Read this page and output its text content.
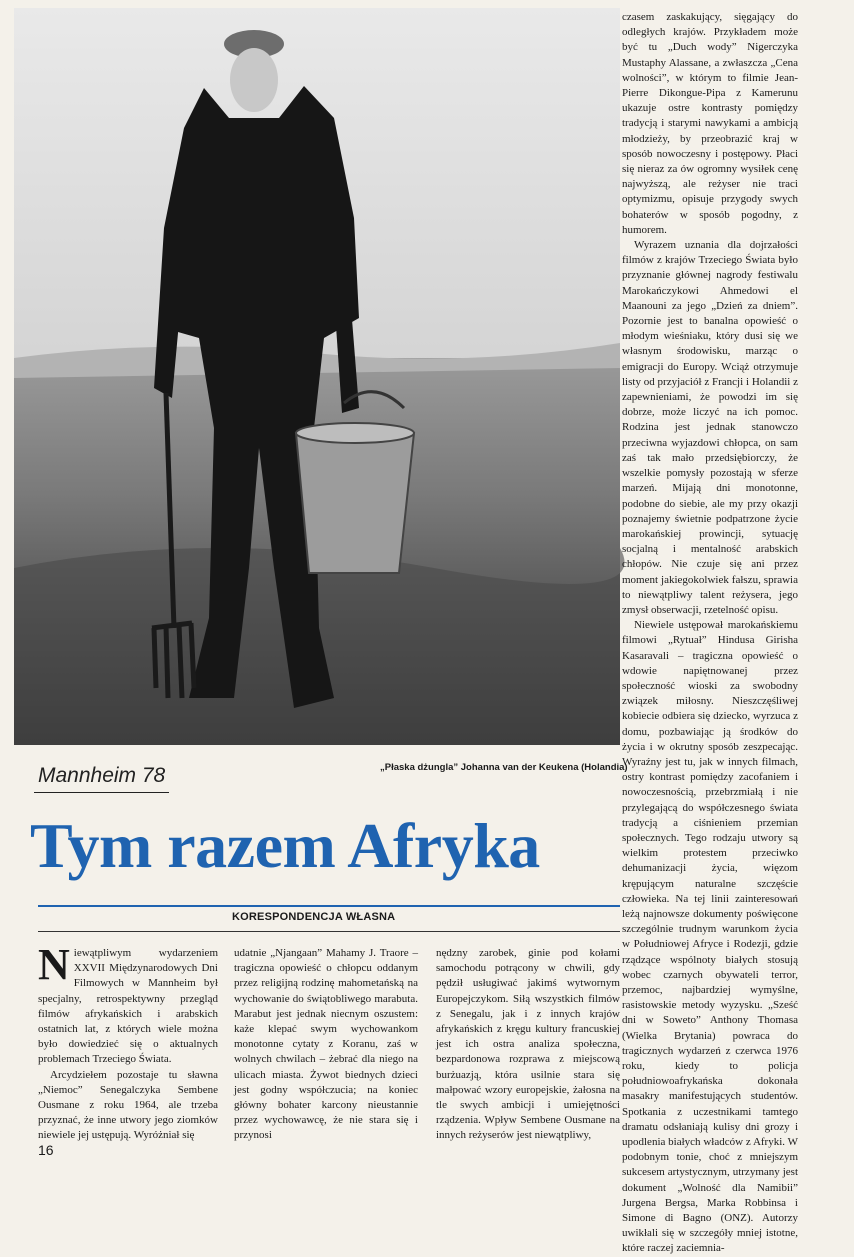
„Płaska dżungla” Johanna van der Keukena (Holandia)
Mannheim 78
Tym razem Afryka
KORESPONDENCJA WŁASNA

Niewątpliwym wydarzeniem XXVII Międzynarodowych Dni Filmowych w Mannheim był specjalny, retrospektywny przegląd filmów afrykańskich i arabskich ostatnich lat, z których wiele można było dowiedzieć się o aktualnych problemach Trzeciego Świata.

Arcydziełem pozostaje tu sławna „Niemoc” Senegalczyka Sembene Ousmane z roku 1964, ale trzeba przyznać, że inne utwory jego ziomków niewiele jej ustępują. Wyróżniał się

udatnie „Njangaan” Mahamy J. Traore – tragiczna opowieść o chłopcu oddanym przez religijną rodzinę mahometańską na wychowanie do świątobliwego marabuta. Marabut jest jednak niecnym oszustem: każe klepać swym wychowankom monotonne cytaty z Koranu, zaś w wolnych chwilach – żebrać dla niego na ulicach miasta. Żywot biednych dzieci jest godny współczucia; na koniec główny bohater karcony nieustannie przez wychowawcę, że nie stara się i przynosi

nędzny zarobek, ginie pod kołami samochodu potrącony w chwili, gdy pędził usługiwać jakimś wytwornym Europejczykom. Siłą wszystkich filmów z Senegalu, jak i z innych krajów afrykańskich z kręgu kultury francuskiej jest ich ostra analiza społeczna, bezpardonowa rozprawa z miejscową burżuazją, która usilnie stara się małpować wzory europejskie, żałosna na tle swych ambicji i umiejętności rządzenia. Wpływ Sembene Ousmane na innych reżyserów jest niewątpliwy,

czasem zaskakujący, sięgający do odległych krajów. Przykładem może być tu „Duch wody” Nigerczyka Mustaphy Alassane, a zwłaszcza „Cena wolności”, w którym to filmie Jean-Pierre Dikongue-Pipa z Kamerunu ukazuje ostre kontrasty pomiędzy tradycją i starymi nawykami a ambicją młodzieży, by przeobrazić kraj w sposób nowoczesny i postępowy. Płaci się nieraz za ów ogromny wysiłek cenę najwyższą, ale reżyser nie traci optymizmu, opisuje przygody swych bohaterów w sposób pogodny, z humorem.

Wyrazem uznania dla dojrzałości filmów z krajów Trzeciego Świata było przyznanie głównej nagrody festiwalu Marokańczykowi Ahmedowi el Maanouni za jego „Dzień za dniem”. Pozornie jest to banalna opowieść o młodym wieśniaku, który dusi się we własnym środowisku, marząc o emigracji do Europy. Wciąż otrzymuje listy od przyjaciół z Francji i Holandii z zapewnieniami, że powodzi im się dobrze, może liczyć na ich pomoc. Rodzina jest jednak stanowczo przeciwna wyjazdowi chłopca, on sam zaś tak mało przedsiębiorczy, że wszelkie pomysły pozostają w sferze marzeń. Mijają dni monotonne, podobne do siebie, ale my przy okazji poznajemy świetnie podpatrzone życie marokańskiej prowincji, sytuację socjalną i mentalność arabskich chłopów. Nie czuje się ani przez moment jakiegokolwiek fałszu, sprawia to niewątpliwy talent reżysera, jego zmysł obserwacji, rzetelność opisu.

Niewiele ustępował marokańskiemu filmowi „Rytuał” Hindusa Girisha Kasaravali – tragiczna opowieść o wdowie napiętnowanej przez społeczność wioski za swobodny związek miłosny. Nieszczęśliwej kobiecie odbiera się dziecko, wyrzuca z domu, pozbawiając ją środków do życia i w okrutny sposób zeszpecając. Wyraźny jest tu, jak w innych filmach, ostry kontrast pomiędzy zacofaniem i nowoczesnością, przebrzmiałą i nie przylegającą do współczesnego świata tradycją a ciśnieniem przemian społecznych. Tego rodzaju utwory są wielkim protestem przeciwko dehumanizacji życia, więzom krępującym naturalne szczęście człowieka. Na tej linii zainteresowań leżą najnowsze dokumenty poświęcone szczególnie trudnym warunkom życia w Południowej Afryce i Rodezji, gdzie rządzące wspólnoty białych stosują wobec czarnych obywateli terror, przemoc, najbardziej wymyślne, rasistowskie metody wyzysku. „Sześć dni w Soweto” Anthony Thomasa (Wielka Brytania) powraca do tragicznych wydarzeń z czerwca 1976 roku, kiedy to policja południowoafrykańska dokonała masakry manifestujących studentów. Spotkania z uczestnikami tamtego dramatu odsłaniają kulisy dni grozy i upodlenia białych władców z Afryki. W podobnym tonie, choć z mniejszym sukcesem artystycznym, utrzymany jest dokument „Wolność dla Namibii” Jurgena Bergsa, Marka Robbinsa i Simone di Bagno (ONZ). Autorzy uwikłali się w szczegóły mniej istotne, które raczej zaciemnia-

16
